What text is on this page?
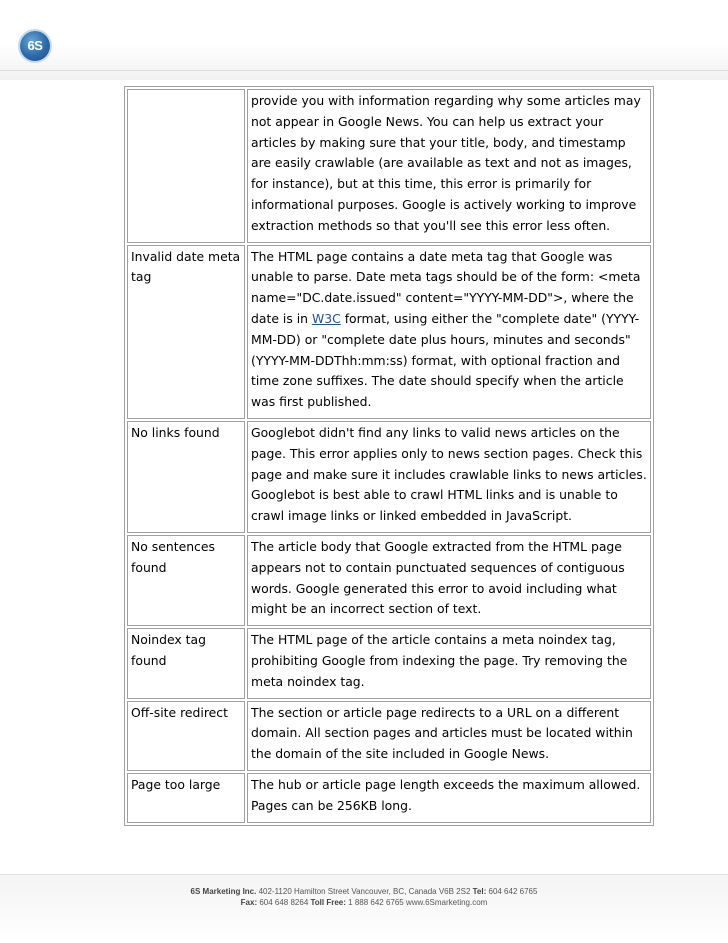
6S
	provide you with information regarding why some articles may not appear in Google News. You can help us extract your articles by making sure that your title, body, and timestamp are easily crawlable (are available as text and not as images, for instance), but at this time, this error is primarily for informational purposes. Google is actively working to improve extraction methods so that you'll see this error less often.
Invalid date meta tag	The HTML page contains a date meta tag that Google was unable to parse. Date meta tags should be of the form: <meta name="DC.date.issued" content="YYYY-MM-DD">, where the date is in W3C format, using either the "complete date" (YYYY-MM-DD) or "complete date plus hours, minutes and seconds" (YYYY-MM-DDThh:mm:ss) format, with optional fraction and time zone suffixes. The date should specify when the article was first published.
No links found	Googlebot didn't find any links to valid news articles on the page. This error applies only to news section pages. Check this page and make sure it includes crawlable links to news articles. Googlebot is best able to crawl HTML links and is unable to crawl image links or linked embedded in JavaScript.
No sentences found	The article body that Google extracted from the HTML page appears not to contain punctuated sequences of contiguous words. Google generated this error to avoid including what might be an incorrect section of text.
Noindex tag found	The HTML page of the article contains a meta noindex tag, prohibiting Google from indexing the page. Try removing the meta noindex tag.
Off-site redirect	The section or article page redirects to a URL on a different domain. All section pages and articles must be located within the domain of the site included in Google News.
Page too large	The hub or article page length exceeds the maximum allowed. Pages can be 256KB long.
6S Marketing Inc. 402-1120 Hamilton Street Vancouver, BC, Canada V6B 2S2 Tel: 604 642 6765
Fax: 604 648 8264 Toll Free: 1 888 642 6765 www.6Smarketing.com
